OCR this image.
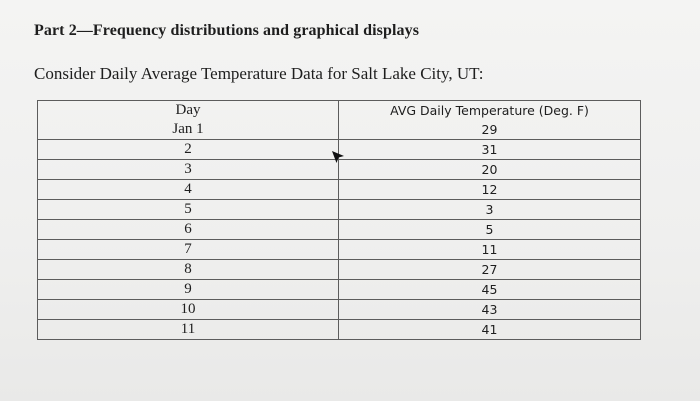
Part 2—Frequency distributions and graphical displays
Consider Daily Average Temperature Data for Salt Lake City, UT:
Day	AVG Daily Temperature (Deg. F)
Jan 1	29
2	31
3	20
4	12
5	3
6	5
7	11
8	27
9	45
10	43
11	41
